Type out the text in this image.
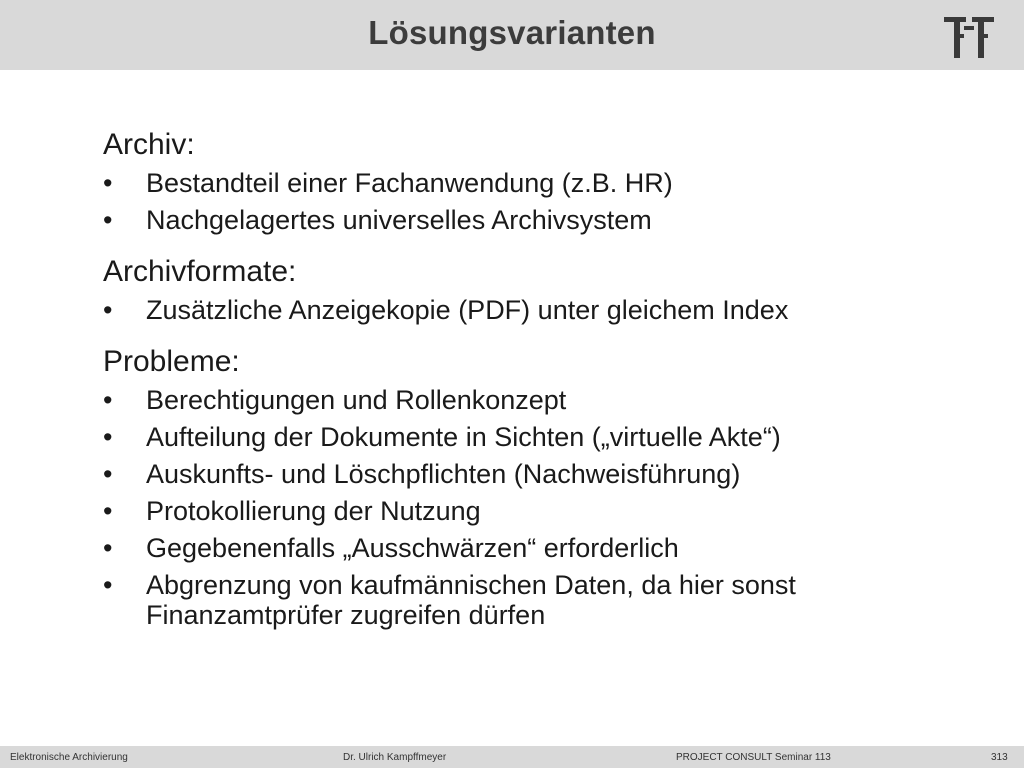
Lösungsvarianten
Archiv:
•	Bestandteil einer Fachanwendung (z.B. HR)
•	Nachgelagertes universelles Archivsystem
Archivformate:
•	Zusätzliche Anzeigekopie (PDF) unter gleichem Index
Probleme:
•	Berechtigungen und Rollenkonzept
•	Aufteilung der Dokumente in Sichten („virtuelle Akte“)
•	Auskunfts- und Löschpflichten (Nachweisführung)
•	Protokollierung der Nutzung
•	Gegebenenfalls „Ausschwärzen“ erforderlich
•	Abgrenzung von kaufmännischen Daten, da hier sonst Finanzamtprüfer zugreifen dürfen
Elektronische Archivierung	Dr. Ulrich Kampffmeyer	PROJECT CONSULT Seminar 113	313
